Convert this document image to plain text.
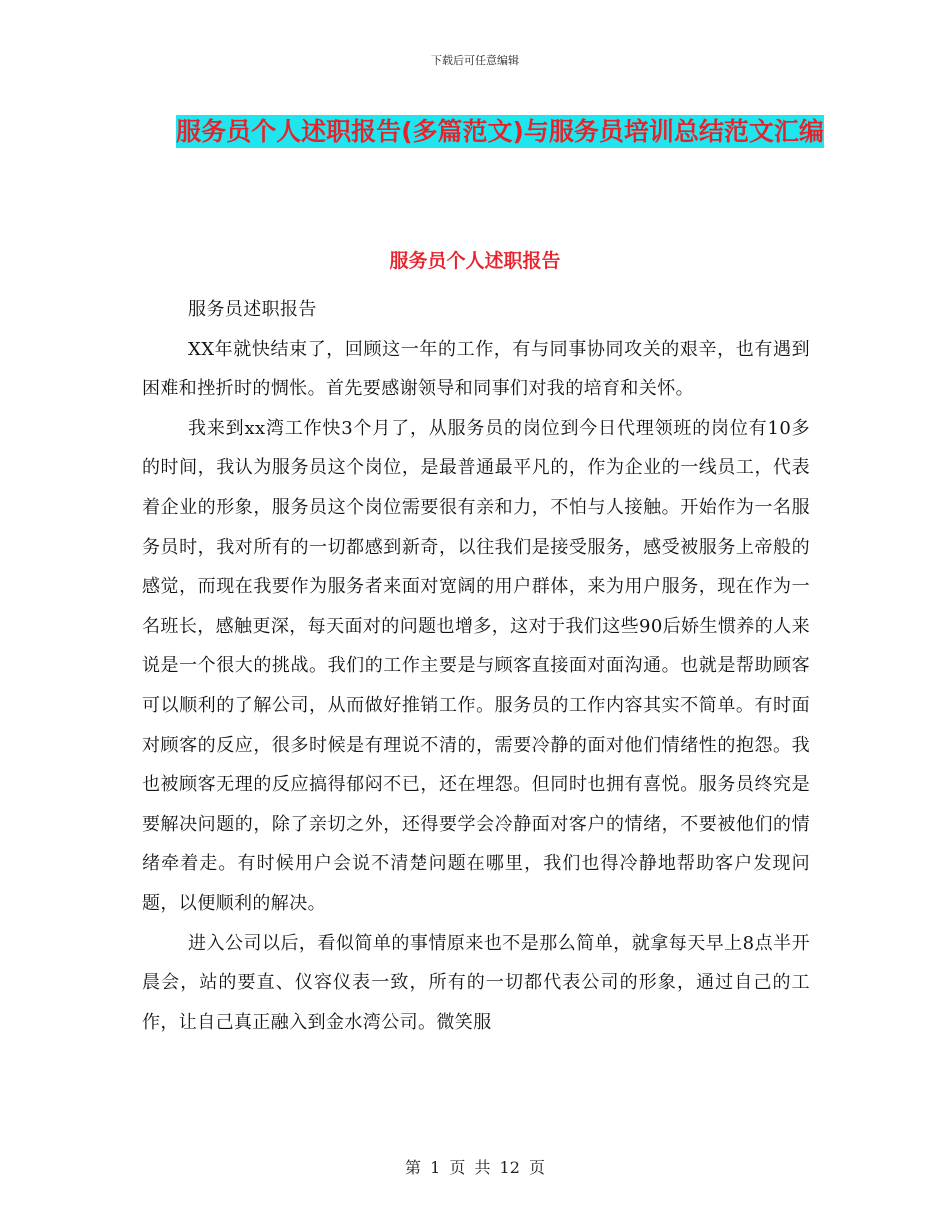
下载后可任意编辑
服务员个人述职报告(多篇范文)与服务员培训总结范文汇编
服务员个人述职报告

服务员述职报告

XX年就快结束了，回顾这一年的工作，有与同事协同攻关的艰辛，也有遇到困难和挫折时的惆怅。首先要感谢领导和同事们对我的培育和关怀。

我来到xx湾工作快3个月了，从服务员的岗位到今日代理领班的岗位有10多的时间，我认为服务员这个岗位，是最普通最平凡的，作为企业的一线员工，代表着企业的形象，服务员这个岗位需要很有亲和力，不怕与人接触。开始作为一名服务员时，我对所有的一切都感到新奇，以往我们是接受服务，感受被服务上帝般的感觉，而现在我要作为服务者来面对宽阔的用户群体，来为用户服务，现在作为一名班长，感触更深，每天面对的问题也增多，这对于我们这些90后娇生惯养的人来说是一个很大的挑战。我们的工作主要是与顾客直接面对面沟通。也就是帮助顾客可以顺利的了解公司，从而做好推销工作。服务员的工作内容其实不简单。有时面对顾客的反应，很多时候是有理说不清的，需要冷静的面对他们情绪性的抱怨。我也被顾客无理的反应搞得郁闷不已，还在埋怨。但同时也拥有喜悦。服务员终究是要解决问题的，除了亲切之外，还得要学会冷静面对客户的情绪，不要被他们的情绪牵着走。有时候用户会说不清楚问题在哪里，我们也得冷静地帮助客户发现问题，以便顺利的解决。

进入公司以后，看似简单的事情原来也不是那么简单，就拿每天早上8点半开晨会，站的要直、仪容仪表一致，所有的一切都代表公司的形象，通过自己的工作，让自己真正融入到金水湾公司。微笑服

第 1 页 共 12 页
